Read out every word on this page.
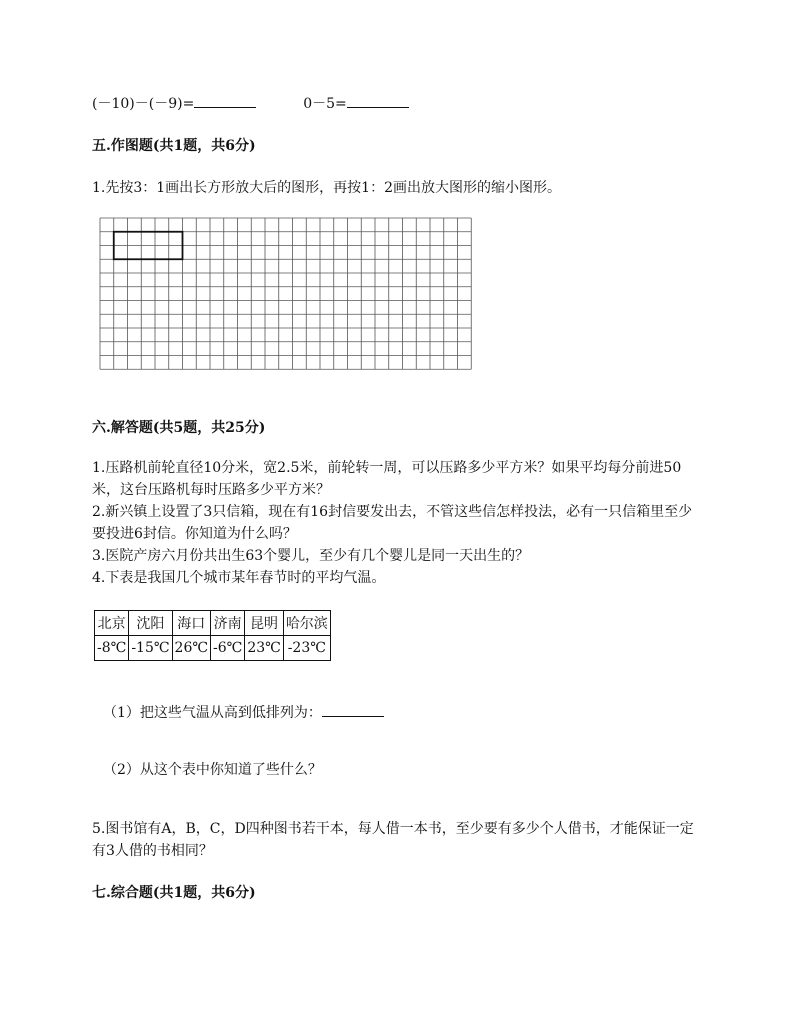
(－10)－(－9)=	0－5=
五.作图题(共1题，共6分)
1.先按3：1画出长方形放大后的图形，再按1：2画出放大图形的缩小图形。
六.解答题(共5题，共25分)

1.压路机前轮直径10分米，宽2.5米，前轮转一周，可以压路多少平方米？如果平均每分前进50米，这台压路机每时压路多少平方米？

2.新兴镇上设置了3只信箱，现在有16封信要发出去，不管这些信怎样投法，必有一只信箱里至少要投进6封信。你知道为什么吗？

3.医院产房六月份共出生63个婴儿，至少有几个婴儿是同一天出生的？

4.下表是我国几个城市某年春节时的平均气温。

北京	沈阳	海口	济南	昆明	哈尔滨
-8℃	-15℃	26℃	-6℃	23℃	-23℃
（1）把这些气温从高到低排列为：
（2）从这个表中你知道了些什么？
5.图书馆有A，B，C，D四种图书若干本，每人借一本书，至少要有多少个人借书，才能保证一定有3人借的书相同？
七.综合题(共1题，共6分)
